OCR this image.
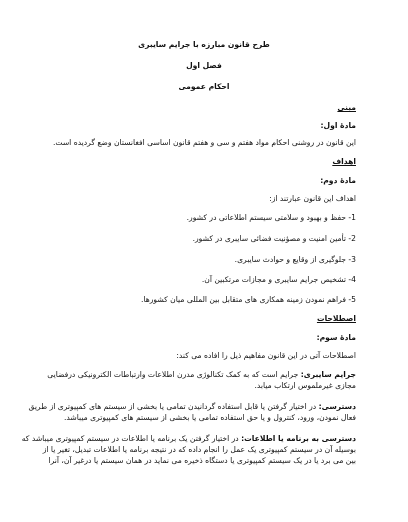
طرح قانون مبارزه با جرایم سایبری
فصل اول
احکام عمومی
مبنی
مادهٔ اول:
این قانون در روشنی احکام مواد هفتم و سی و هفتم قانون اساسی افغانستان وضع گردیده است.
اهداف
مادهٔ دوم:
اهداف این قانون عبارتند از:
1- حفظ و بهبود و سلامتی سیستم اطلاعاتی در کشور.
2- تأمین امنیت و مصؤنیت فضائی سایبری در کشور.
3- جلوگیری از وقایع و حوادث سایبری.
4- تشخیص جرایم سایبری و مجازات مرتکبین آن.
5- فراهم نمودن زمینه همکاری های متقابل بین المللی میان کشورها.
اصطلاحات
مادهٔ سوم:
اصطلاحات آتی در این قانون مفاهیم ذیل را افاده می کند:
جرایم سایبری: جرایم است که به کمک تکنالوژی مدرن اطلاعات وارتباطات الکترونیکی درفضایی
مجازی غیرملموس ارتکاب میابد.
دسترسی: در اختیار گرفتن یا قابل استفاده گردانیدن تمامی یا بخشی از سیستم های کمپیوتری از طریق
فعال نمودن، ورود، کنترول و یا حق استفاده تمامی یا بخشی از سیستم های کمپیوتری میباشد.
دسترسی به برنامه یا اطلاعات: در اختیار گرفتن یک برنامه یا اطلاعات در سیستم کمپیوتری میباشد که
بوسیله آن در سیستم کمپیوتری یک عمل را انجام داده که در نتیجه برنامه یا اطلاعات تبدیل، تغیر یا از
بین می برد یا در یک سیستم کمپیوتری یا دستگاه ذخیره می نماید در همان سیستم یا درغیر آن، آنرا
